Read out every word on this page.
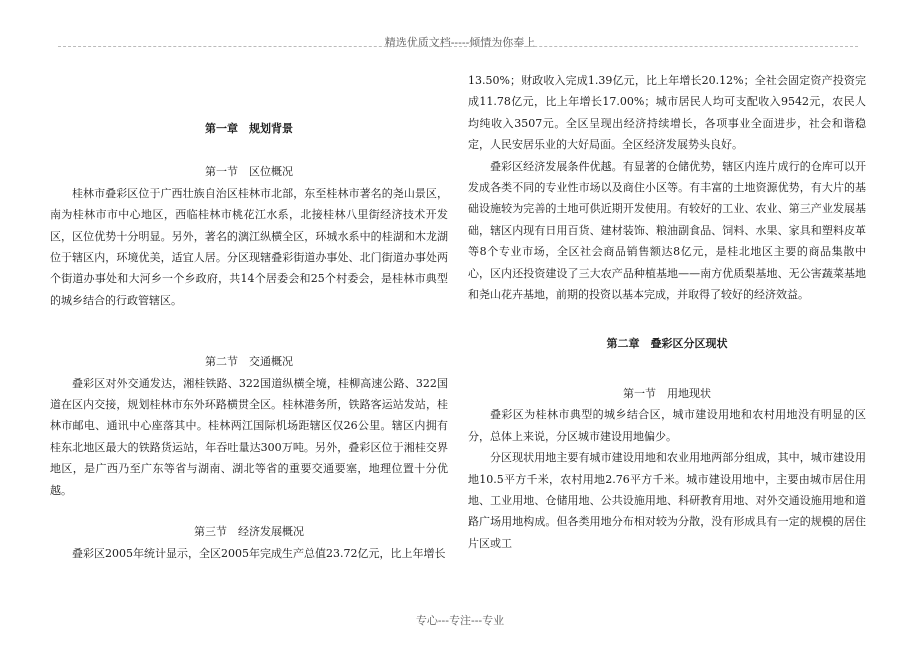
精选优质文档-----倾情为你奉上

第一章　规划背景

第一节　区位概况

桂林市叠彩区位于广西壮族自治区桂林市北部，东至桂林市著名的尧山景区，南为桂林市市中心地区，西临桂林市桃花江水系，北接桂林八里街经济技术开发区，区位优势十分明显。另外，著名的漓江纵横全区，环城水系中的桂湖和木龙湖位于辖区内，环境优美，适宜人居。分区现辖叠彩街道办事处、北门街道办事处两个街道办事处和大河乡一个乡政府，共14个居委会和25个村委会，是桂林市典型的城乡结合的行政管辖区。

第二节　交通概况

叠彩区对外交通发达，湘桂铁路、322国道纵横全境，桂柳高速公路、322国道在区内交接，规划桂林市东外环路横贯全区。桂林港务所，铁路客运站发站，桂林市邮电、通讯中心座落其中。桂林两江国际机场距辖区仅26公里。辖区内拥有桂东北地区最大的铁路货运站，年吞吐量达300万吨。另外，叠彩区位于湘桂交界地区，是广西乃至广东等省与湖南、湖北等省的重要交通要塞，地理位置十分优越。

第三节　经济发展概况

叠彩区2005年统计显示，全区2005年完成生产总值23.72亿元，比上年增长

13.50%；财政收入完成1.39亿元，比上年增长20.12%；全社会固定资产投资完成11.78亿元，比上年增长17.00%；城市居民人均可支配收入9542元，农民人均纯收入3507元。全区呈现出经济持续增长，各项事业全面进步，社会和谐稳定，人民安居乐业的大好局面。全区经济发展势头良好。

叠彩区经济发展条件优越。有显著的仓储优势，辖区内连片成行的仓库可以开发成各类不同的专业性市场以及商住小区等。有丰富的土地资源优势，有大片的基础设施较为完善的土地可供近期开发使用。有较好的工业、农业、第三产业发展基础，辖区内现有日用百货、建材装饰、粮油副食品、饲料、水果、家具和塑料皮革等8个专业市场，全区社会商品销售额达8亿元，是桂北地区主要的商品集散中心，区内还投资建设了三大农产品种植基地——南方优质梨基地、无公害蔬菜基地和尧山花卉基地，前期的投资以基本完成，并取得了较好的经济效益。

第二章　叠彩区分区现状

第一节　用地现状

叠彩区为桂林市典型的城乡结合区，城市建设用地和农村用地没有明显的区分，总体上来说，分区城市建设用地偏少。

分区现状用地主要有城市建设用地和农业用地两部分组成，其中，城市建设用地10.5平方千米，农村用地2.76平方千米。城市建设用地中，主要由城市居住用地、工业用地、仓储用地、公共设施用地、科研教育用地、对外交通设施用地和道路广场用地构成。但各类用地分布相对较为分散，没有形成具有一定的规模的居住片区或工

专心---专注---专业
